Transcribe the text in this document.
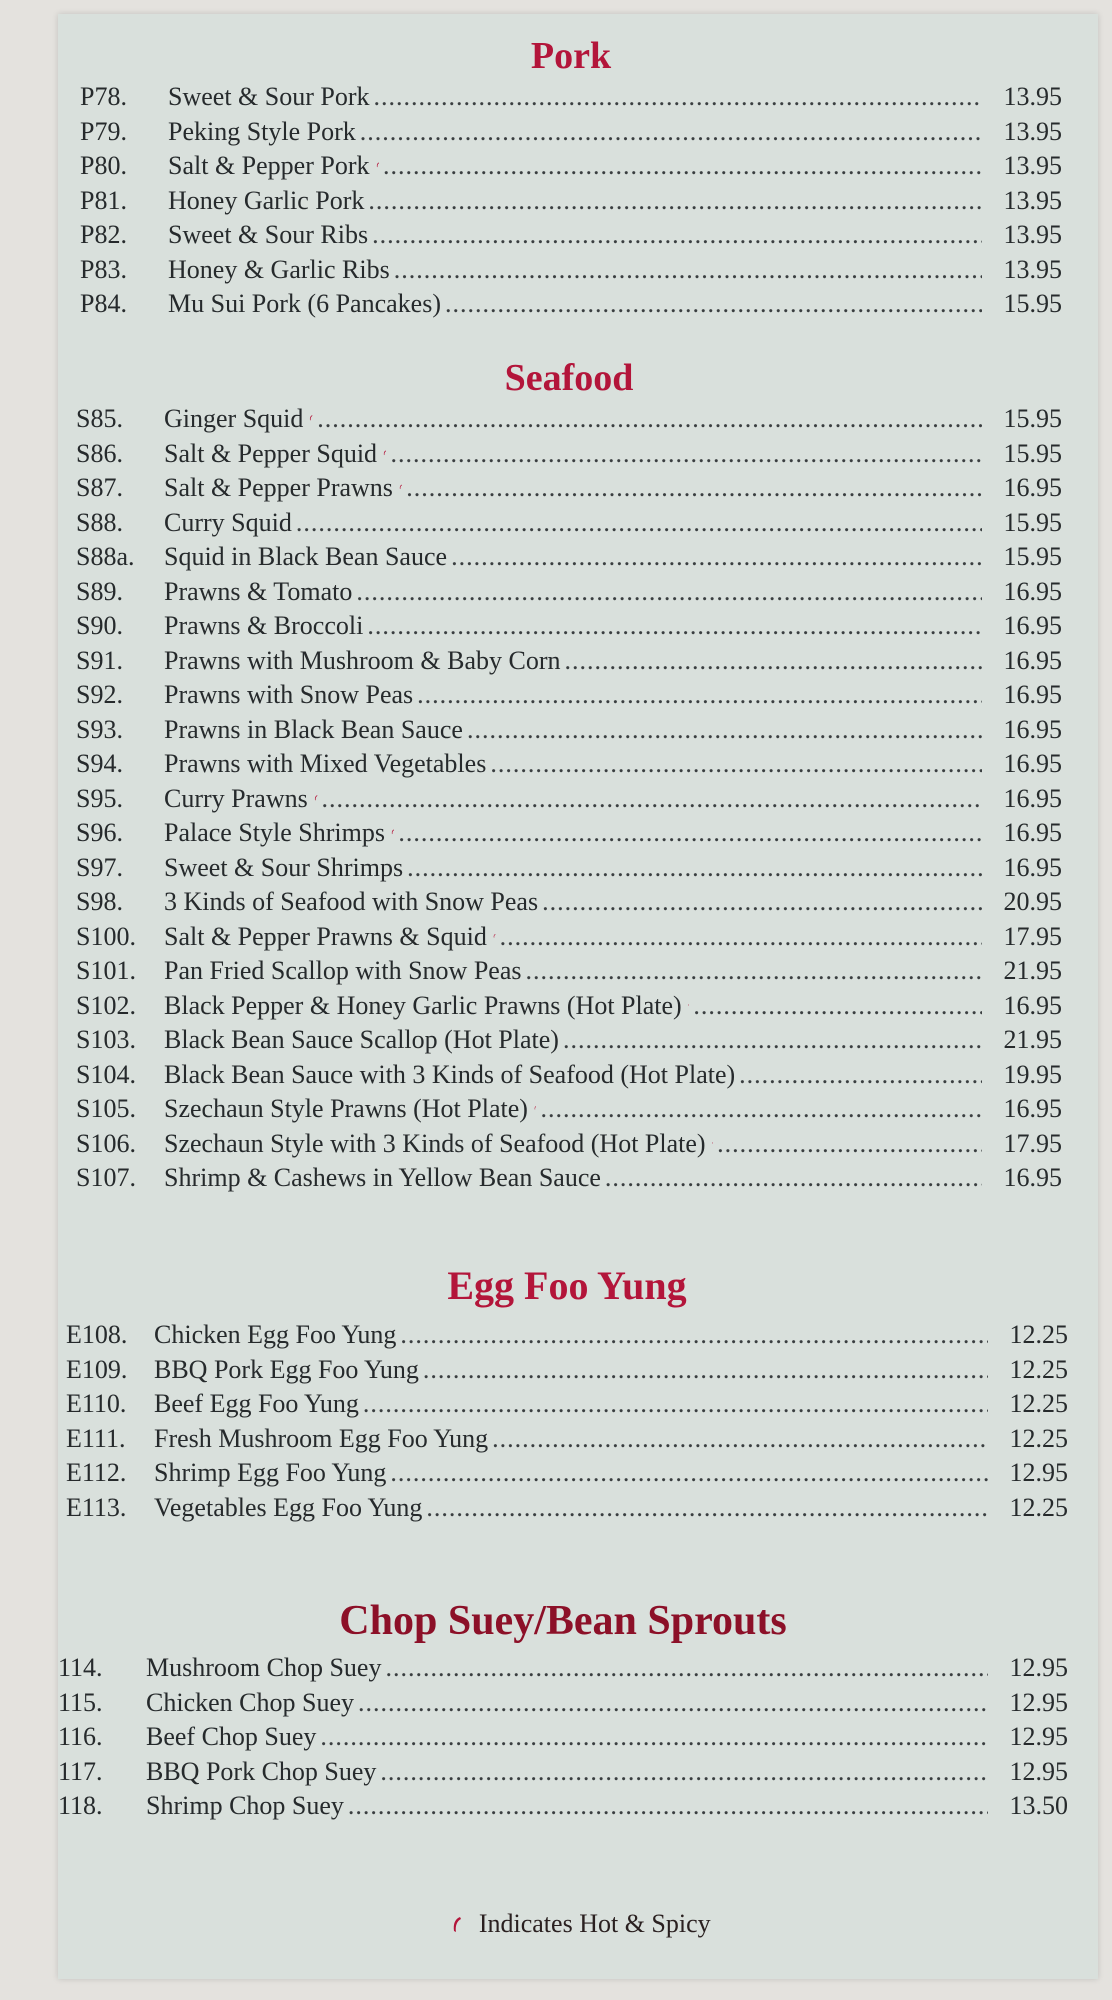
Pork
P78.	Sweet & Sour Pork .....	13.95
P79.	Peking Style Pork .....	13.95
P80.	Salt & Pepper Pork .....	13.95
P81.	Honey Garlic Pork .....	13.95
P82.	Sweet & Sour Ribs .....	13.95
P83.	Honey & Garlic Ribs .....	13.95
P84.	Mu Sui Pork (6 Pancakes) .....	15.95
Seafood
S85.	Ginger Squid .....	15.95
S86.	Salt & Pepper Squid .....	15.95
S87.	Salt & Pepper Prawns .....	16.95
S88.	Curry Squid .....	15.95
S88a.	Squid in Black Bean Sauce .....	15.95
S89.	Prawns & Tomato .....	16.95
S90.	Prawns & Broccoli .....	16.95
S91.	Prawns with Mushroom & Baby Corn .....	16.95
S92.	Prawns with Snow Peas .....	16.95
S93.	Prawns in Black Bean Sauce .....	16.95
S94.	Prawns with Mixed Vegetables .....	16.95
S95.	Curry Prawns .....	16.95
S96.	Palace Style Shrimps .....	16.95
S97.	Sweet & Sour Shrimps .....	16.95
S98.	3 Kinds of Seafood with Snow Peas .....	20.95
S100.	Salt & Pepper Prawns & Squid .....	17.95
S101.	Pan Fried Scallop with Snow Peas .....	21.95
S102.	Black Pepper & Honey Garlic Prawns (Hot Plate) .....	16.95
S103.	Black Bean Sauce Scallop (Hot Plate) .....	21.95
S104.	Black Bean Sauce with 3 Kinds of Seafood (Hot Plate) .....	19.95
S105.	Szechaun Style Prawns (Hot Plate) .....	16.95
S106.	Szechaun Style with 3 Kinds of Seafood (Hot Plate) .....	17.95
S107.	Shrimp & Cashews in Yellow Bean Sauce .....	16.95
Egg Foo Yung
E108.	Chicken Egg Foo Yung .....	12.25
E109.	BBQ Pork Egg Foo Yung .....	12.25
E110.	Beef Egg Foo Yung .....	12.25
E111.	Fresh Mushroom Egg Foo Yung .....	12.25
E112.	Shrimp Egg Foo Yung .....	12.95
E113.	Vegetables Egg Foo Yung .....	12.25
Chop Suey/Bean Sprouts
114.	Mushroom Chop Suey .....	12.95
115.	Chicken Chop Suey .....	12.95
116.	Beef Chop Suey .....	12.95
117.	BBQ Pork Chop Suey .....	12.95
118.	Shrimp Chop Suey .....	13.50
Indicates Hot & Spicy
